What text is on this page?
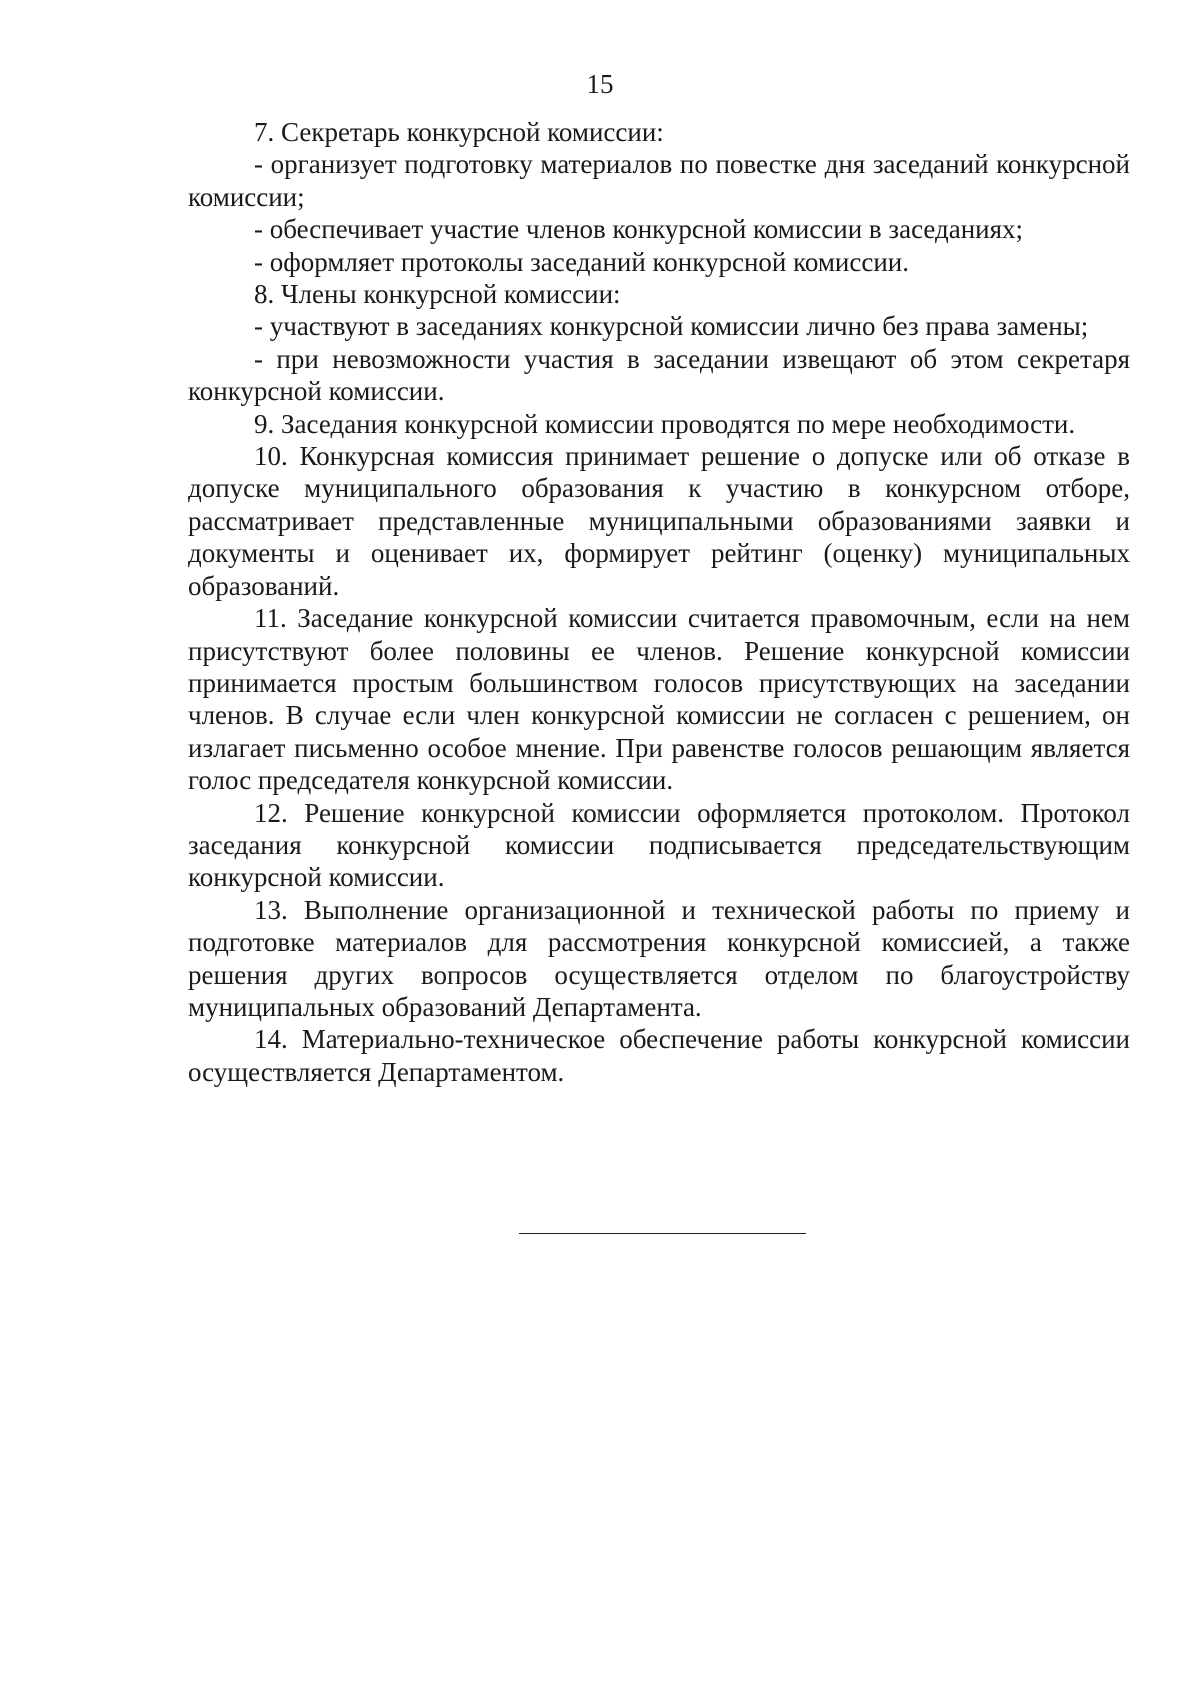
15

7. Секретарь конкурсной комиссии:

- организует подготовку материалов по повестке дня заседаний конкурсной комиссии;

- обеспечивает участие членов конкурсной комиссии в заседаниях;

- оформляет протоколы заседаний конкурсной комиссии.

8. Члены конкурсной комиссии:

- участвуют в заседаниях конкурсной комиссии лично без права замены;

- при невозможности участия в заседании извещают об этом секретаря конкурсной комиссии.

9. Заседания конкурсной комиссии проводятся по мере необходимости.

10. Конкурсная комиссия принимает решение о допуске или об отказе в допуске муниципального образования к участию в конкурсном отборе, рассматривает представленные муниципальными образованиями заявки и документы и оценивает их, формирует рейтинг (оценку) муниципальных образований.

11. Заседание конкурсной комиссии считается правомочным, если на нем присутствуют более половины ее членов. Решение конкурсной комиссии принимается простым большинством голосов присутствующих на заседании членов. В случае если член конкурсной комиссии не согласен с решением, он излагает письменно особое мнение. При равенстве голосов решающим является голос председателя конкурсной комиссии.

12. Решение конкурсной комиссии оформляется протоколом. Протокол заседания конкурсной комиссии подписывается председательствующим конкурсной комиссии.

13. Выполнение организационной и технической работы по приему и подготовке материалов для рассмотрения конкурсной комиссией, а также решения других вопросов осуществляется отделом по благоустройству муниципальных образований Департамента.

14. Материально-техническое обеспечение работы конкурсной комиссии осуществляется Департаментом.
